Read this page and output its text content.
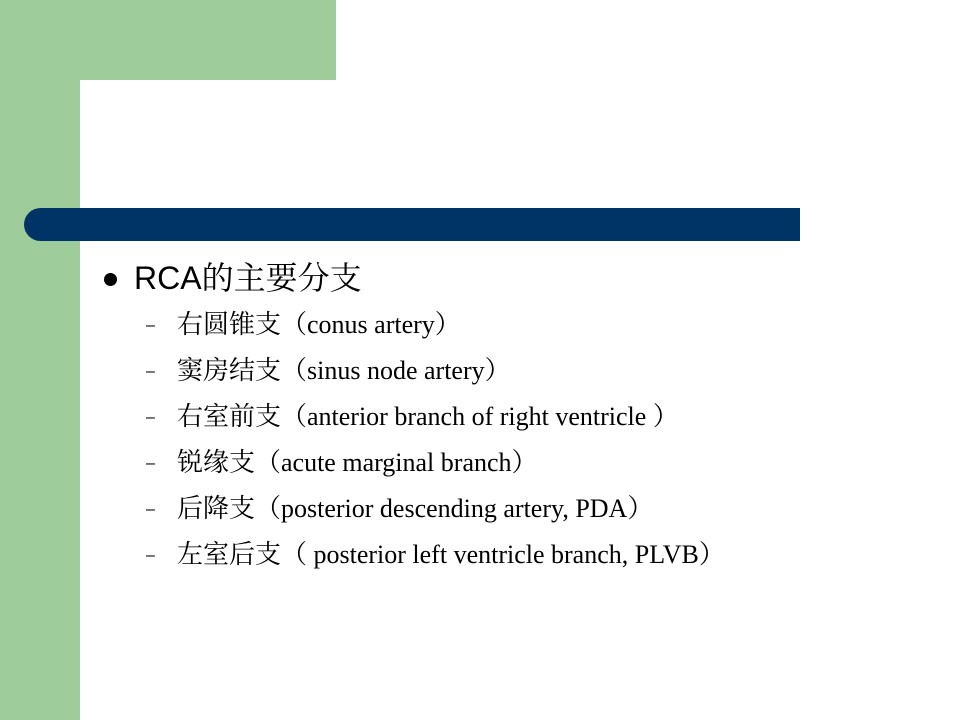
RCA的主要分支
– 右圆锥支（conus artery）
– 窦房结支（sinus node artery）
– 右室前支（anterior branch of right ventricle ）
– 锐缘支（acute marginal branch）
– 后降支（posterior descending artery, PDA）
– 左室后支（ posterior left ventricle branch, PLVB）
